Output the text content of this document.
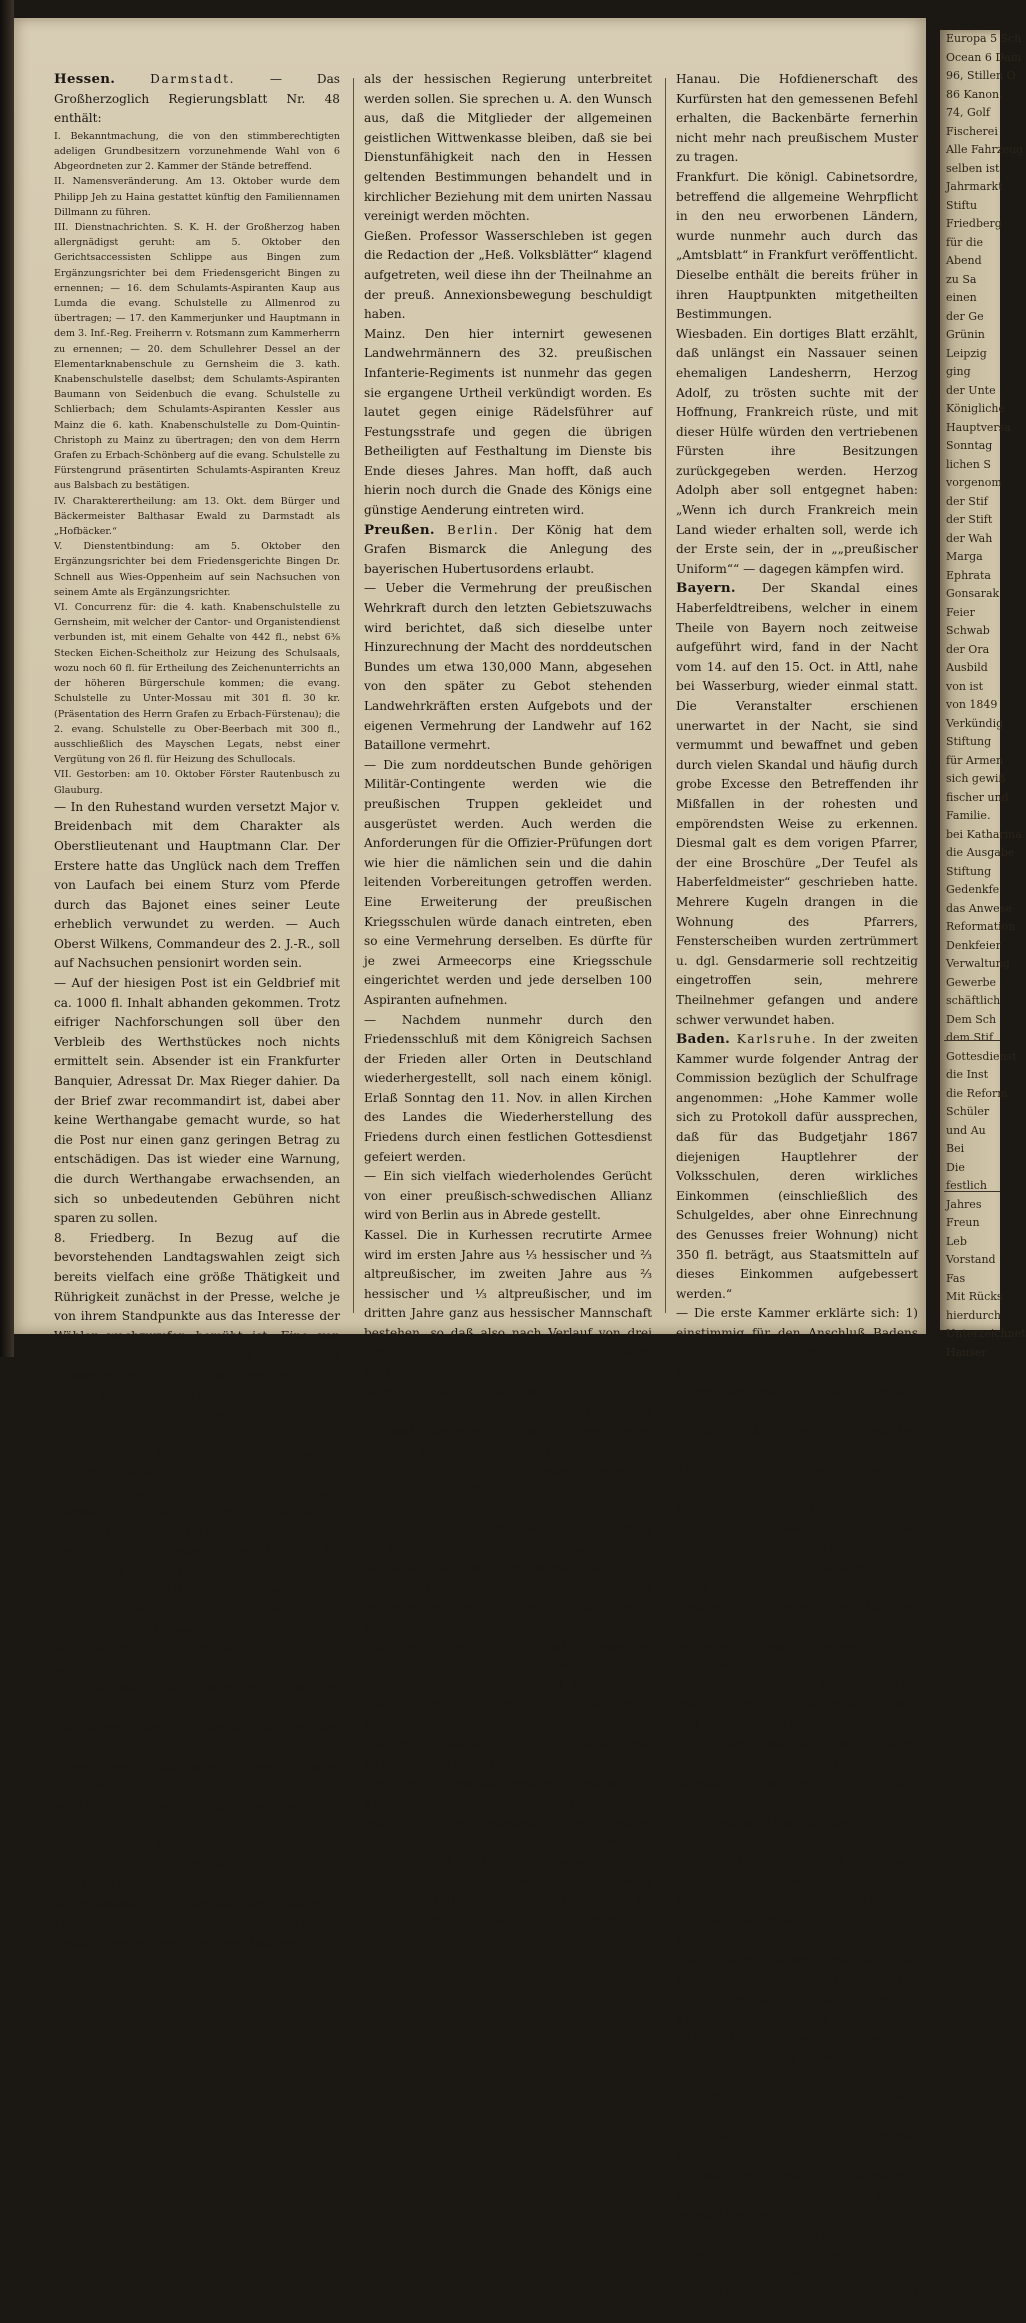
Hessen.	Darmstadt. — Das Großherzoglich Regierungsblatt Nr. 48 enthält:

I. Bekanntmachung, die von den stimmberechtigten adeligen Grundbesitzern vorzunehmende Wahl von 6 Abgeordneten zur 2. Kammer der Stände betreffend.

II. Namensveränderung. Am 13. Oktober wurde dem Philipp Jeh zu Haina gestattet künftig den Familiennamen Dillmann zu führen.

III. Dienstnachrichten. S. K. H. der Großherzog haben allergnädigst geruht: am 5. Oktober den Gerichtsaccessisten Schlippe aus Bingen zum Ergänzungsrichter bei dem Friedensgericht Bingen zu ernennen; — 16. dem Schulamts-Aspiranten Kaup aus Lumda die evang. Schulstelle zu Allmenrod zu übertragen; — 17. den Kammerjunker und Hauptmann in dem 3. Inf.-Reg. Freiherrn v. Rotsmann zum Kammerherrn zu ernennen; — 20. dem Schullehrer Dessel an der Elementarknabenschule zu Gernsheim die 3. kath. Knabenschulstelle daselbst; dem Schulamts-Aspiranten Baumann von Seidenbuch die evang. Schulstelle zu Schlierbach; dem Schulamts-Aspiranten Kessler aus Mainz die 6. kath. Knabenschulstelle zu Dom-Quintin-Christoph zu Mainz zu übertragen; den von dem Herrn Grafen zu Erbach-Schönberg auf die evang. Schulstelle zu Fürstengrund präsentirten Schulamts-Aspiranten Kreuz aus Balsbach zu bestätigen.

IV. Charakterertheilung: am 13. Okt. dem Bürger und Bäckermeister Balthasar Ewald zu Darmstadt als „Hofbäcker.“

V. Dienstentbindung: am 5. Oktober den Ergänzungsrichter bei dem Friedensgerichte Bingen Dr. Schnell aus Wies-Oppenheim auf sein Nachsuchen von seinem Amte als Ergänzungsrichter.

VI. Concurrenz für: die 4. kath. Knabenschulstelle zu Gernsheim, mit welcher der Cantor- und Organistendienst verbunden ist, mit einem Gehalte von 442 fl., nebst 6⅜ Stecken Eichen-Scheitholz zur Heizung des Schulsaals, wozu noch 60 fl. für Ertheilung des Zeichenunterrichts an der höheren Bürgerschule kommen; die evang. Schulstelle zu Unter-Mossau mit 301 fl. 30 kr. (Präsentation des Herrn Grafen zu Erbach-Fürstenau); die 2. evang. Schulstelle zu Ober-Beerbach mit 300 fl., ausschließlich des Mayschen Legats, nebst einer Vergütung von 26 fl. für Heizung des Schullocals.

VII. Gestorben: am 10. Oktober Förster Rautenbusch zu Glauburg.

— In den Ruhestand wurden versetzt Major v. Breidenbach mit dem Charakter als Oberstlieutenant und Hauptmann Clar. Der Erstere hatte das Unglück nach dem Treffen von Laufach bei einem Sturz vom Pferde durch das Bajonet eines seiner Leute erheblich verwundet zu werden. — Auch Oberst Wilkens, Commandeur des 2. J.-R., soll auf Nachsuchen pensionirt worden sein.

— Auf der hiesigen Post ist ein Geldbrief mit ca. 1000 fl. Inhalt abhanden gekommen. Trotz eifriger Nachforschungen soll über den Verbleib des Werthstückes noch nichts ermittelt sein. Absender ist ein Frankfurter Banquier, Adressat Dr. Max Rieger dahier. Da der Brief zwar recommandirt ist, dabei aber keine Werthangabe gemacht wurde, so hat die Post nur einen ganz geringen Betrag zu entschädigen. Das ist wieder eine Warnung, die durch Werthangabe erwachsenden, an sich so unbedeutenden Gebühren nicht sparen zu sollen.

8. Friedberg. In Bezug auf die bevorstehenden Landtagswahlen zeigt sich bereits vielfach eine größe Thätigkeit und Rührigkeit zunächst in der Presse, welche je von ihrem Standpunkte aus das Interesse der Wähler wachzurufen bemüht ist. Eine von Mitgliedern des früheren Landtages zusammenberufene Versammlung, welche am 28. d. M. in Frankfurt tagte, ist mit einem Wahlaufruf vor die Oeffentlichkeit getreten, welcher gleichzeitig als ein gedrängtes Programm der hessischen Fortschrittspartei in den inneren und äußeren Fragen betrachtet werden kann. — Wie wir vernehmen sind die Bürgermeistereien angewiesen, die Wahl der Wahlmänner, wenn thunlich, bis längstens zum 17. d. M. vornehmen zu lassen. Es wäre also an der Zeit mit Vorschlägen zu dieser Wahl hervorzutreten, damit die Wahl der Abgeordneten Männern in die Hand gegeben wird, welche ihre Stimmen vereinigen auf würdige und einsichtsvolle Vertreter, denen das Wohl des Landes wirklich am Herzen liegt und welche eine ersprießliche Thätigkeit in der Kammer erhoffen lassen. Das Amt des Abgeordneten wird unter den gegenwärtigen schwierigen Verhältnissen doppelt schwere Pflichten in sich vereinigen, deshalb thun wahrlich Männer Noth, welchen ein Verständniß unsrer Zeit und der wahren Bedürfnisse des Landes nicht abgeht.

— Eine in Biedenkopf abgehaltene Versammlung von Geistlichen aus den abgetretenen hessen-darmstädtischen Landestheilen hat verschiedene Beschlüsse gefaßt, welche sowohl der preußischen

als der hessischen Regierung unterbreitet werden sollen. Sie sprechen u. A. den Wunsch aus, daß die Mitglieder der allgemeinen geistlichen Wittwenkasse bleiben, daß sie bei Dienstunfähigkeit nach den in Hessen geltenden Bestimmungen behandelt und in kirchlicher Beziehung mit dem unirten Nassau vereinigt werden möchten.

Gießen. Professor Wasserschleben ist gegen die Redaction der „Heß. Volksblätter“ klagend aufgetreten, weil diese ihn der Theilnahme an der preuß. Annexionsbewegung beschuldigt haben.

Mainz. Den hier internirt gewesenen Landwehrmännern des 32. preußischen Infanterie-Regiments ist nunmehr das gegen sie ergangene Urtheil verkündigt worden. Es lautet gegen einige Rädelsführer auf Festungsstrafe und gegen die übrigen Betheiligten auf Festhaltung im Dienste bis Ende dieses Jahres. Man hofft, daß auch hierin noch durch die Gnade des Königs eine günstige Aenderung eintreten wird.

Preußen. Berlin. Der König hat dem Grafen Bismarck die Anlegung des bayerischen Hubertusordens erlaubt.

— Ueber die Vermehrung der preußischen Wehrkraft durch den letzten Gebietszuwachs wird berichtet, daß sich dieselbe unter Hinzurechnung der Macht des norddeutschen Bundes um etwa 130,000 Mann, abgesehen von den später zu Gebot stehenden Landwehrkräften ersten Aufgebots und der eigenen Vermehrung der Landwehr auf 162 Bataillone vermehrt.

— Die zum norddeutschen Bunde gehörigen Militär-Contingente werden wie die preußischen Truppen gekleidet und ausgerüstet werden. Auch werden die Anforderungen für die Offizier-Prüfungen dort wie hier die nämlichen sein und die dahin leitenden Vorbereitungen getroffen werden. Eine Erweiterung der preußischen Kriegsschulen würde danach eintreten, eben so eine Vermehrung derselben. Es dürfte für je zwei Armeecorps eine Kriegsschule eingerichtet werden und jede derselben 100 Aspiranten aufnehmen.

— Nachdem nunmehr durch den Friedensschluß mit dem Königreich Sachsen der Frieden aller Orten in Deutschland wiederhergestellt, soll nach einem königl. Erlaß Sonntag den 11. Nov. in allen Kirchen des Landes die Wiederherstellung des Friedens durch einen festlichen Gottesdienst gefeiert werden.

— Ein sich vielfach wiederholendes Gerücht von einer preußisch-schwedischen Allianz wird von Berlin aus in Abrede gestellt.

Kassel. Die in Kurhessen recrutirte Armee wird im ersten Jahre aus ⅓ hessischer und ⅔ altpreußischer, im zweiten Jahre aus ⅔ hessischer und ⅓ altpreußischer, und im dritten Jahre ganz aus hessischer Mannschaft bestehen, so daß also nach Verlauf von drei Jahren die der Rekrutirung folgende Einstellung, wie in ganz Preußen, außer der Garde, localer Natur sein wird.

Schmalkalden. Die Bewohner der Herrschaft Schmalkalden erheben immer lautere Klagen, daß ihr seit Jahrhunderten mit dem Bezirke vereinigter, zu ihrer Existenz geradezu unentbehrlicher Wald von 38,000 Acker, im Werth von 2 Millionen Thaler, nunmehr in Folge des Friedens dem Herzog von Coburg als Privateigenthum abgetreten werden soll, ja bereits in Besitz genommen wird, und fürchten hierdurch einer traurigen Zukunft entgegen geführt zu werden. Das Frankf. Journ. sagt am Schlusse eines Artikels: „Wollte man die Wälder einfür allemal abtreten, so hätte das wirthschaftliche Interesse geboten, die Herrschaft mit Land und Leuten dem Herzogthum Gotha einzuverleiben. Unbegreiflich erscheint es, daß gerade der materiell hülfloseste Bezirk Thüringens, der sich auch nicht des geringsten feindseligen Aktes gegen Preußen schuldig gemacht, die Kriegskosten für Gotha bezahlen soll.“

Marburg. Eine Deputation des hiesigen Stadtvorstandes, welche dem Civilgouverneur v. Möller in Kassel unter Anderem die Bitte um Erhaltung der Universität für Marburg vortrug, soll in dieser Hinsicht die beruhigendste Zusicherung erhalten haben.

Hanau. Die Hofdienerschaft des Kurfürsten hat den gemessenen Befehl erhalten, die Backenbärte fernerhin nicht mehr nach preußischem Muster zu tragen.

Frankfurt. Die königl. Cabinetsordre, betreffend die allgemeine Wehrpflicht in den neu erworbenen Ländern, wurde nunmehr auch durch das „Amtsblatt“ in Frankfurt veröffentlicht. Dieselbe enthält die bereits früher in ihren Hauptpunkten mitgetheilten Bestimmungen.

Wiesbaden. Ein dortiges Blatt erzählt, daß unlängst ein Nassauer seinen ehemaligen Landesherrn, Herzog Adolf, zu trösten suchte mit der Hoffnung, Frankreich rüste, und mit dieser Hülfe würden den vertriebenen Fürsten ihre Besitzungen zurückgegeben werden. Herzog Adolph aber soll entgegnet haben: „Wenn ich durch Frankreich mein Land wieder erhalten soll, werde ich der Erste sein, der in „„preußischer Uniform““ — dagegen kämpfen wird.

Bayern. Der Skandal eines Haberfeldtreibens, welcher in einem Theile von Bayern noch zeitweise aufgeführt wird, fand in der Nacht vom 14. auf den 15. Oct. in Attl, nahe bei Wasserburg, wieder einmal statt. Die Veranstalter erschienen unerwartet in der Nacht, sie sind vermummt und bewaffnet und geben durch vielen Skandal und häufig durch grobe Excesse den Betreffenden ihr Mißfallen in der rohesten und empörendsten Weise zu erkennen. Diesmal galt es dem vorigen Pfarrer, der eine Broschüre „Der Teufel als Haberfeldmeister“ geschrieben hatte. Mehrere Kugeln drangen in die Wohnung des Pfarrers, Fensterscheiben wurden zertrümmert u. dgl. Gensdarmerie soll rechtzeitig eingetroffen sein, mehrere Theilnehmer gefangen und andere schwer verwundet haben.

Baden. Karlsruhe. In der zweiten Kammer wurde folgender Antrag der Commission bezüglich der Schulfrage angenommen: „Hohe Kammer wolle sich zu Protokoll dafür aussprechen, daß für das Budgetjahr 1867 diejenigen Hauptlehrer der Volksschulen, deren wirkliches Einkommen (einschließlich des Schulgeldes, aber ohne Einrechnung des Genusses freier Wohnung) nicht 350 fl. beträgt, aus Staatsmitteln auf dieses Einkommen aufgebessert werden.“

— Die erste Kammer erklärte sich: 1) einstimmig für den Anschluß Badens an den norddeutschen Bund mit Erhaltung entsprechender Selbstständigkeit, 2) mit allen gegen 3 Stimmen für ein Schutz- und Trutzbündniß mit Preußen und mit den entsprechenden Vereinbarungen und 3) einstimmig für eine unkündbare, einheitlich organisirte Zolleinigung, für ein einheitliches Eisenbahn-, Post- und Telegraphenwesen und für ein gemeinsames deutsches Bürgerrecht.

Oesterreich. Aus Wien wird vom 28. v. M. die definitive Ernennung des Freiherrn v. Beust zum Minister gemeldet. Der bisherige österr. Ministerpräsident Graf Mensdorff habe sein Personal bereits verabschiedet.

Frankreich. Pariser Blätter melden, daß in Folge der zwischen Preußen und den Niederlanden gepflogenen Unterhandlungen die Preußen auch fernerhin Luxemburg besetzt halten werden. Ueber den Eintritt des Großherzogthums Luxemburg in den Nordbund wird unterhandelt.

Rußland. Die bisher mit aller Rücksichtslosigkeit und Strenge betriebenen Maßregeln zur Russificirung Polens sind plötzlich in's Stocken gerathen. Ein katholischer Bauer, dessen neugeborenes Kind, in Folge eines Befehls des Generals Kaufmann, mit Gewalt griechisch getauft wurde, hat das kaiserliche Kind mit eigener Hand getödtet und sich darauf nach Petersburg geflüchtet; er hat dem Kaiser sein Verbrechen gestanden unter Angabe des Motivs. Der Kaiser soll in Folge dieses Geständnisses nicht nur die Einstellung dieser Russificirungsmethode, sondern auch die sofortige Abberufung Kaufmann's befohlen haben. Kaufmann ist auf 11 Monate beurlaubt.

Amerika. Die Kriegsflotte der Vereinigten Staaten, soweit dieselbe zur Zeit im Dienst sich befindet, vertheilt sich folgendermaßen: es sind in

Europa 5 Sch
Ocean 6 Dam
96, Stillen O
86 Kanon.
74, Golf
Fischerei
Alle Fahrzeug
selben ist
Jahrmarkt
Stiftu
Friedberg
für die
Abend
zu Sa
einen
der Ge
Grünin
Leipzig
ging
der Unte
Königliche
Hauptversa
Sonntag
lichen S
vorgenom
der Stif
der Stift
der Wah
Marga
Ephrata
Gonsarak
Feier
Schwab
der Ora
Ausbild
von ist
von 1849
Verkündig
Stiftung
für Armen
sich gewiß
fischer und
Familie.
bei Katharina
die Ausgabe
Stiftung
Gedenkfe
das Anwese
Reformation
Denkfeier
Verwaltung
Gewerbe
schäftlich
Dem Sch
dem Stif
Gottesdienst
die Inst
die Reform
Schüler
und Au
Bei
Die
festlich
Jahres
Freun
Leb
Vorstand
Fas
Mit Rücks
hierdurch
Unterzeichnet
Hauser
